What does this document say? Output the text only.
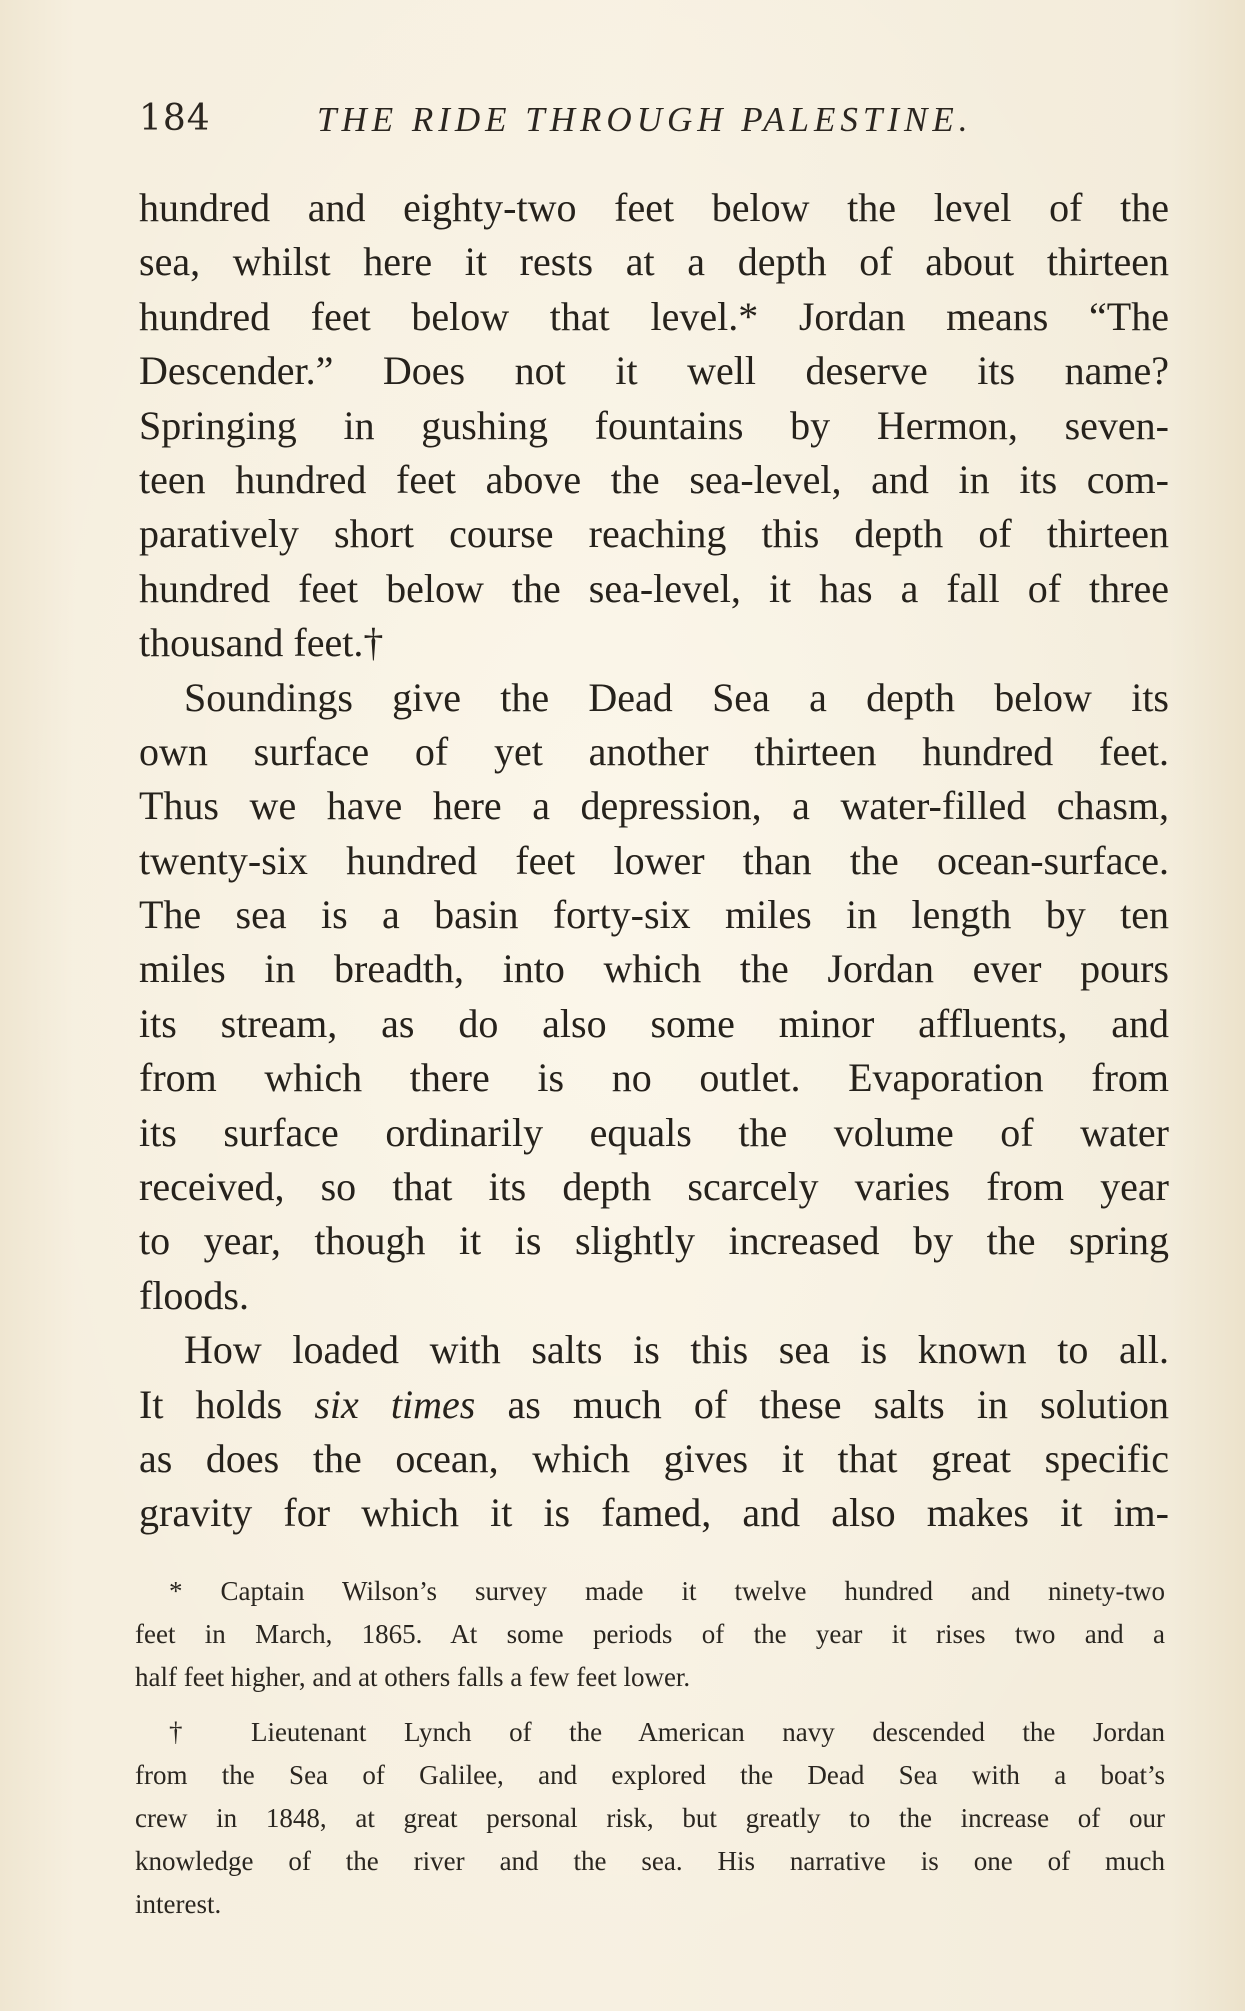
184	THE RIDE THROUGH PALESTINE.
hundred and eighty-two feet below the level of the
sea, whilst here it rests at a depth of about thirteen
hundred feet below that level.* Jordan means “The
Descender.” Does not it well deserve its name?
Springing in gushing fountains by Hermon, seven-
teen hundred feet above the sea-level, and in its com-
paratively short course reaching this depth of thirteen
hundred feet below the sea-level, it has a fall of three
thousand feet.†
Soundings give the Dead Sea a depth below its
own surface of yet another thirteen hundred feet.
Thus we have here a depression, a water-filled chasm,
twenty-six hundred feet lower than the ocean-surface.
The sea is a basin forty-six miles in length by ten
miles in breadth, into which the Jordan ever pours
its stream, as do also some minor affluents, and
from which there is no outlet. Evaporation from
its surface ordinarily equals the volume of water
received, so that its depth scarcely varies from year
to year, though it is slightly increased by the spring
floods.
How loaded with salts is this sea is known to all.
It holds six times as much of these salts in solution
as does the ocean, which gives it that great specific
gravity for which it is famed, and also makes it im-
* Captain Wilson’s survey made it twelve hundred and ninety-two
feet in March, 1865. At some periods of the year it rises two and a
half feet higher, and at others falls a few feet lower.
† Lieutenant Lynch of the American navy descended the Jordan
from the Sea of Galilee, and explored the Dead Sea with a boat’s
crew in 1848, at great personal risk, but greatly to the increase of our
knowledge of the river and the sea. His narrative is one of much
interest.
